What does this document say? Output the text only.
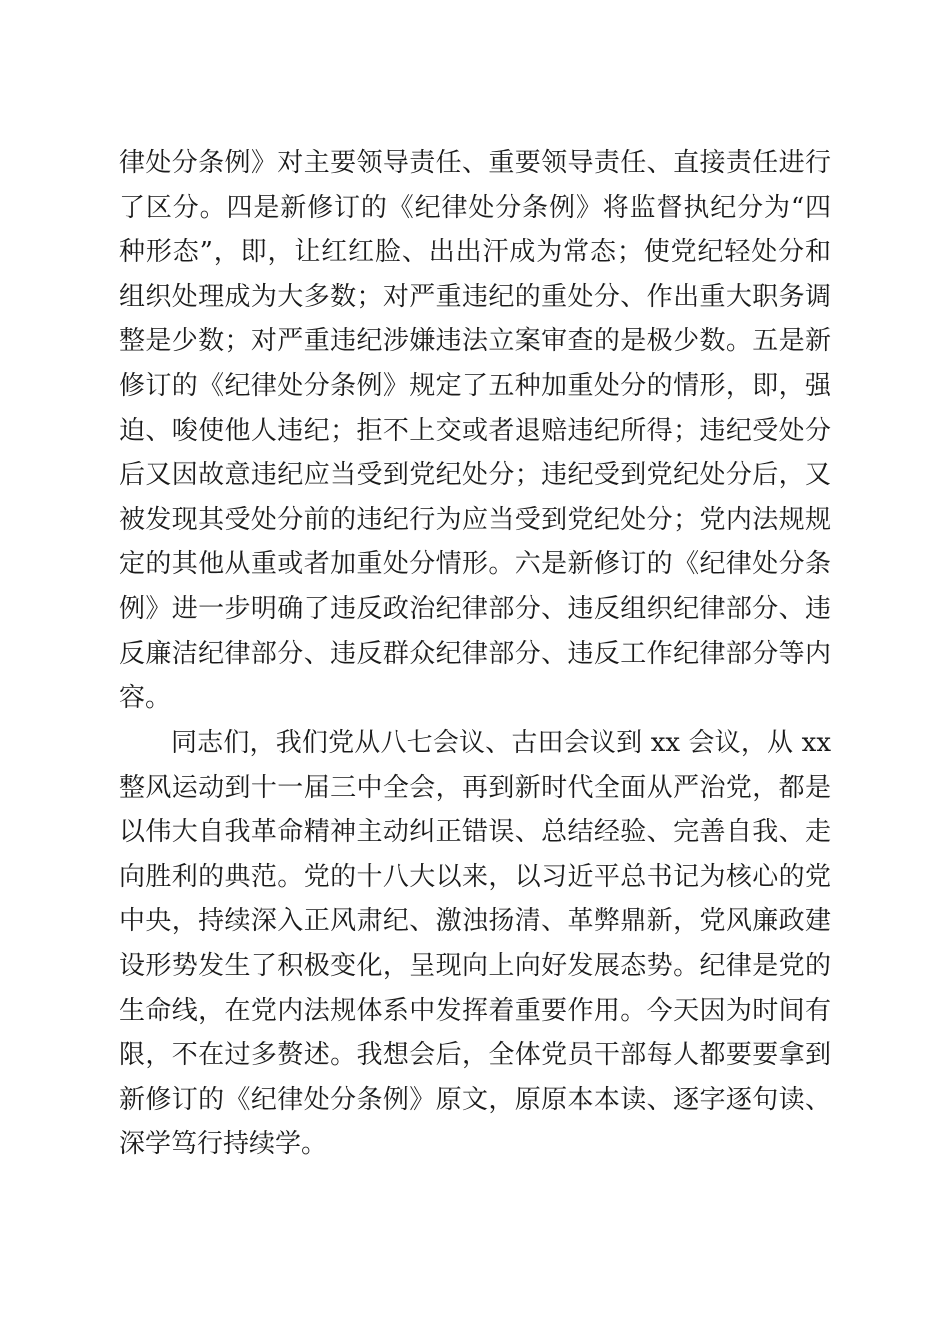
律处分条例》对主要领导责任、重要领导责任、直接责任进行
了区分。四是新修订的《纪律处分条例》将监督执纪分为“四
种形态”，即，让红红脸、出出汗成为常态；使党纪轻处分和
组织处理成为大多数；对严重违纪的重处分、作出重大职务调
整是少数；对严重违纪涉嫌违法立案审查的是极少数。五是新
修订的《纪律处分条例》规定了五种加重处分的情形，即，强
迫、唆使他人违纪；拒不上交或者退赔违纪所得；违纪受处分
后又因故意违纪应当受到党纪处分；违纪受到党纪处分后，又
被发现其受处分前的违纪行为应当受到党纪处分；党内法规规
定的其他从重或者加重处分情形。六是新修订的《纪律处分条
例》进一步明确了违反政治纪律部分、违反组织纪律部分、违
反廉洁纪律部分、违反群众纪律部分、违反工作纪律部分等内
容。
同志们，我们党从八七会议、古田会议到 xx 会议，从 xx
整风运动到十一届三中全会，再到新时代全面从严治党，都是
以伟大自我革命精神主动纠正错误、总结经验、完善自我、走
向胜利的典范。党的十八大以来，以习近平总书记为核心的党
中央，持续深入正风肃纪、激浊扬清、革弊鼎新，党风廉政建
设形势发生了积极变化，呈现向上向好发展态势。纪律是党的
生命线，在党内法规体系中发挥着重要作用。今天因为时间有
限，不在过多赘述。我想会后，全体党员干部每人都要要拿到
新修订的《纪律处分条例》原文，原原本本读、逐字逐句读、
深学笃行持续学。
